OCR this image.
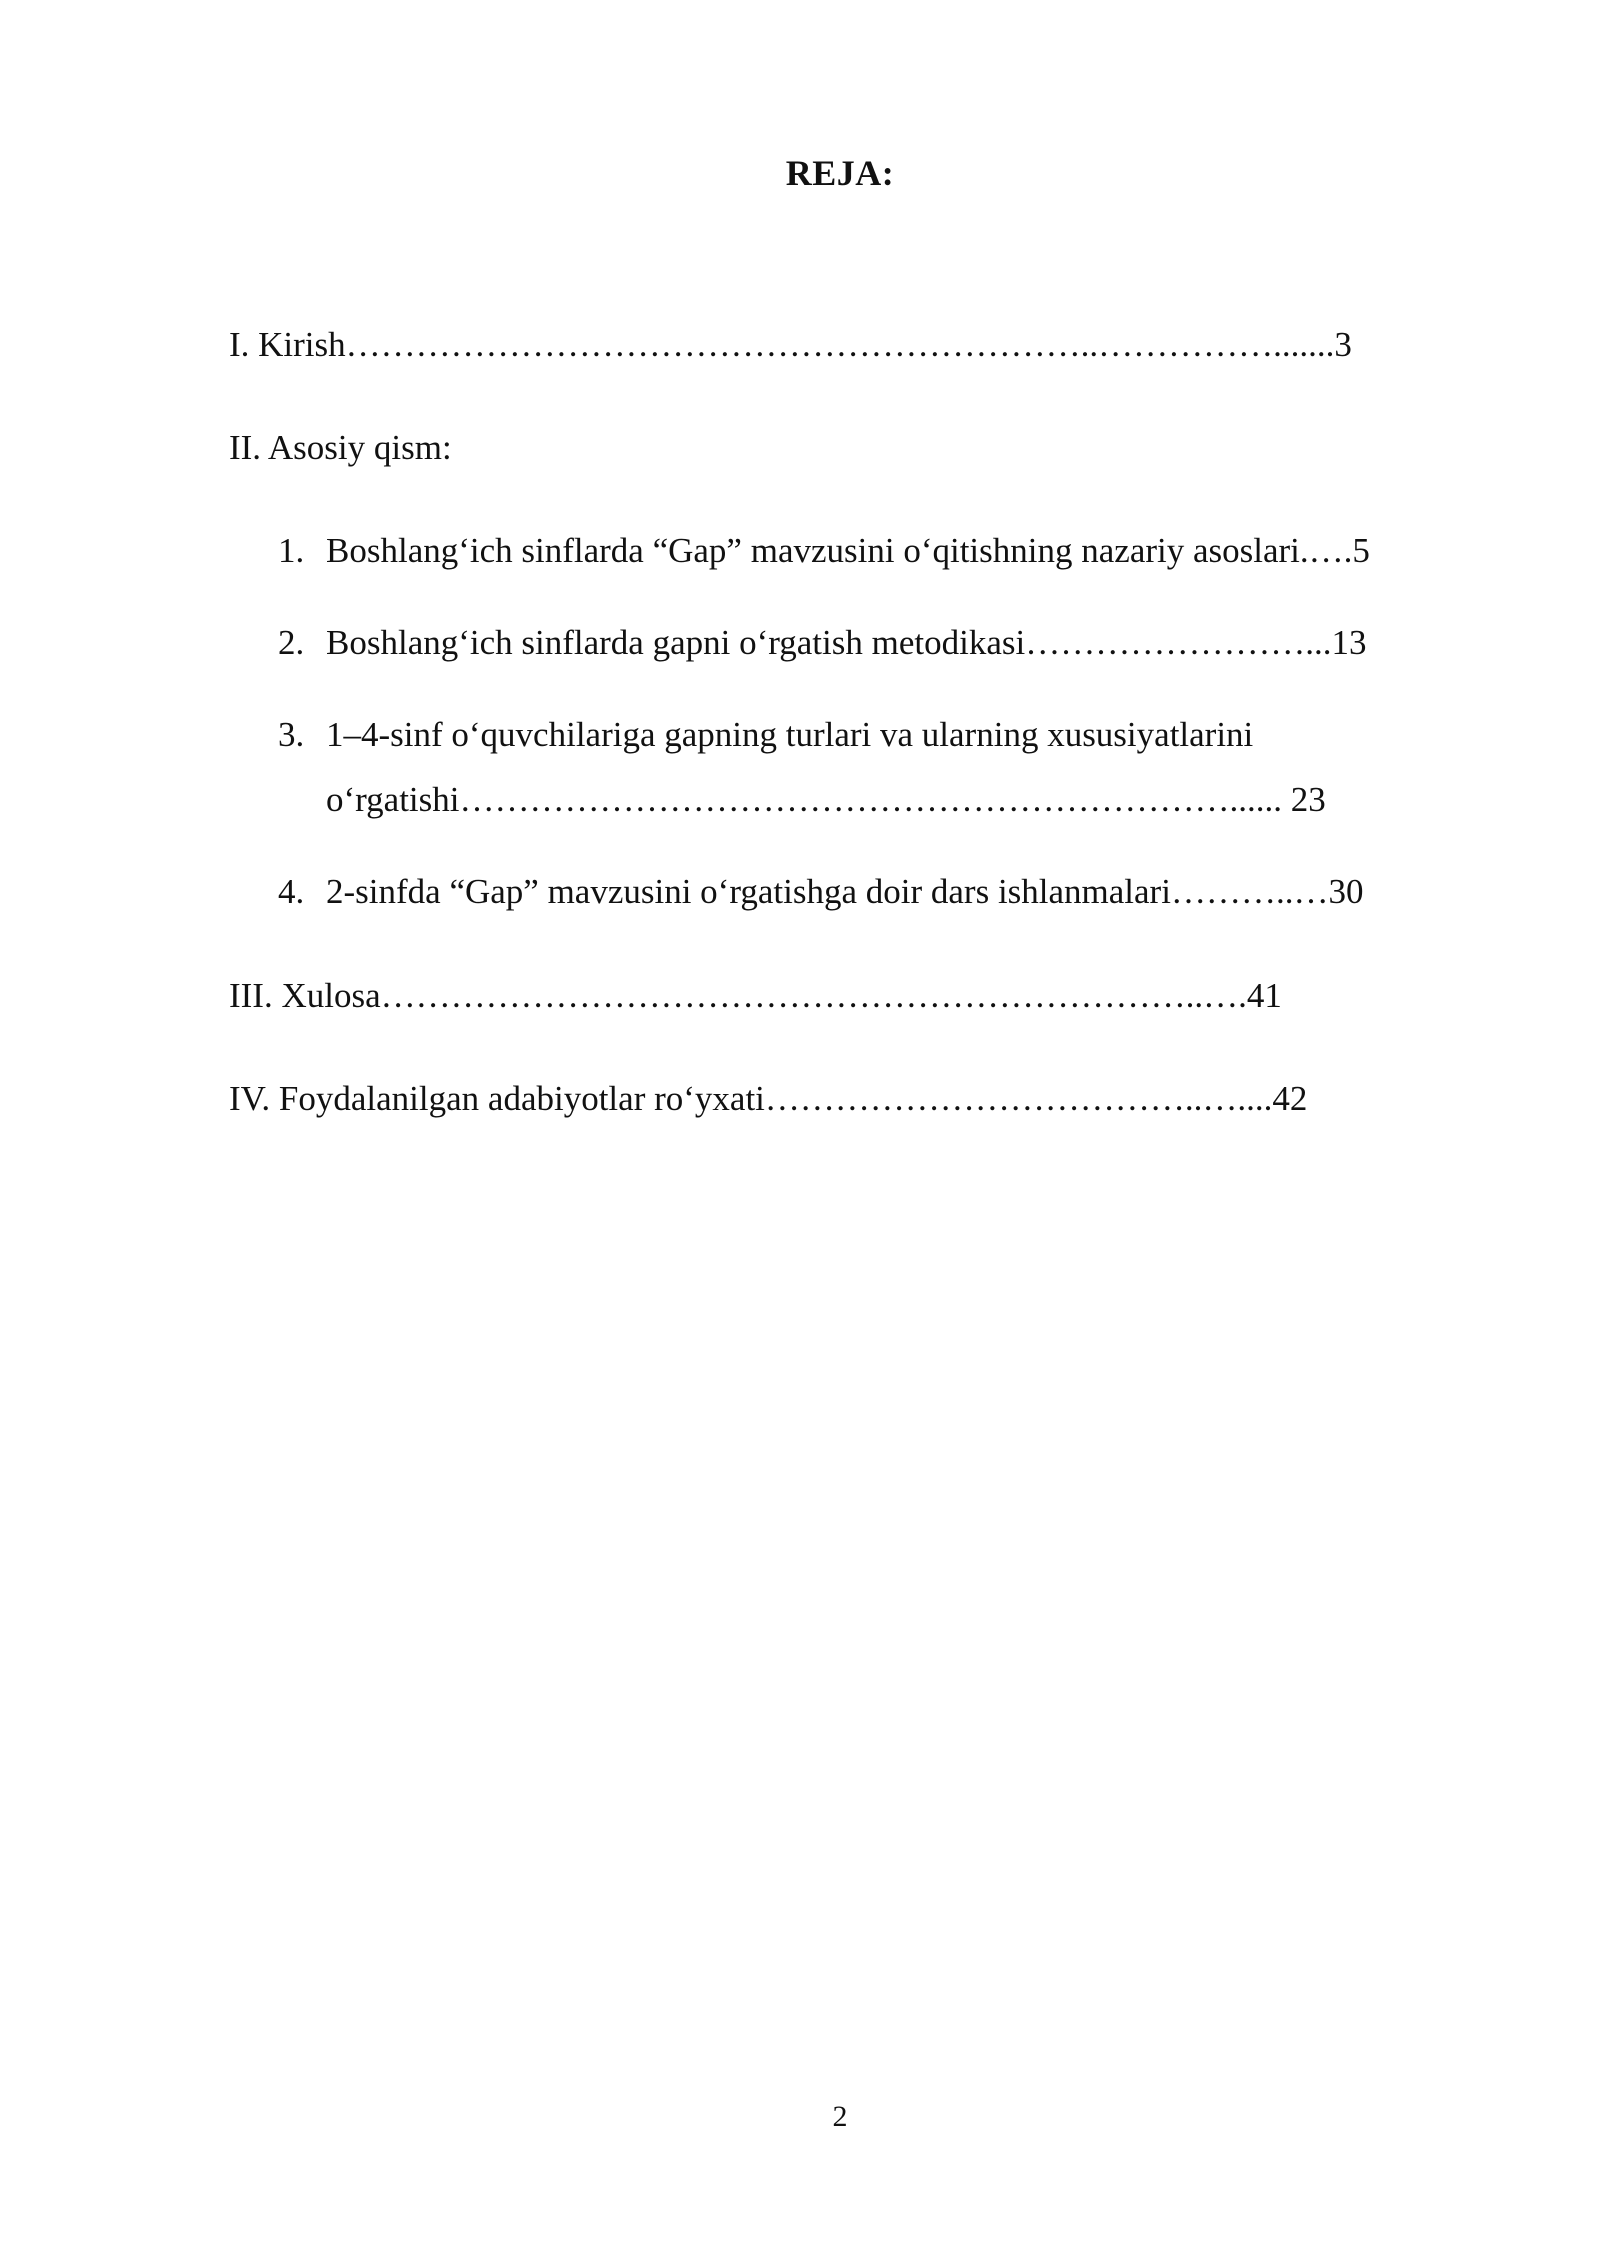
REJA:
I. Kirish………………………………………………………..…………….......3
II. Asosiy qism:
1. Boshlangʻich sinflarda “Gap” mavzusini oʻqitishning nazariy asoslari.….5
2. Boshlangʻich sinflarda gapni oʻrgatish metodikasi……………………...13
3. 1–4-sinf oʻquvchilariga gapning turlari va ularning xususiyatlarini
oʻrgatishi…………………………………………………………...... 23
4. 2-sinfda “Gap” mavzusini oʻrgatishga doir dars ishlanmalari………..…30
III. Xulosa……………………………………………………………..….41
IV. Foydalanilgan adabiyotlar roʻyxati………………………………..…....42
2
